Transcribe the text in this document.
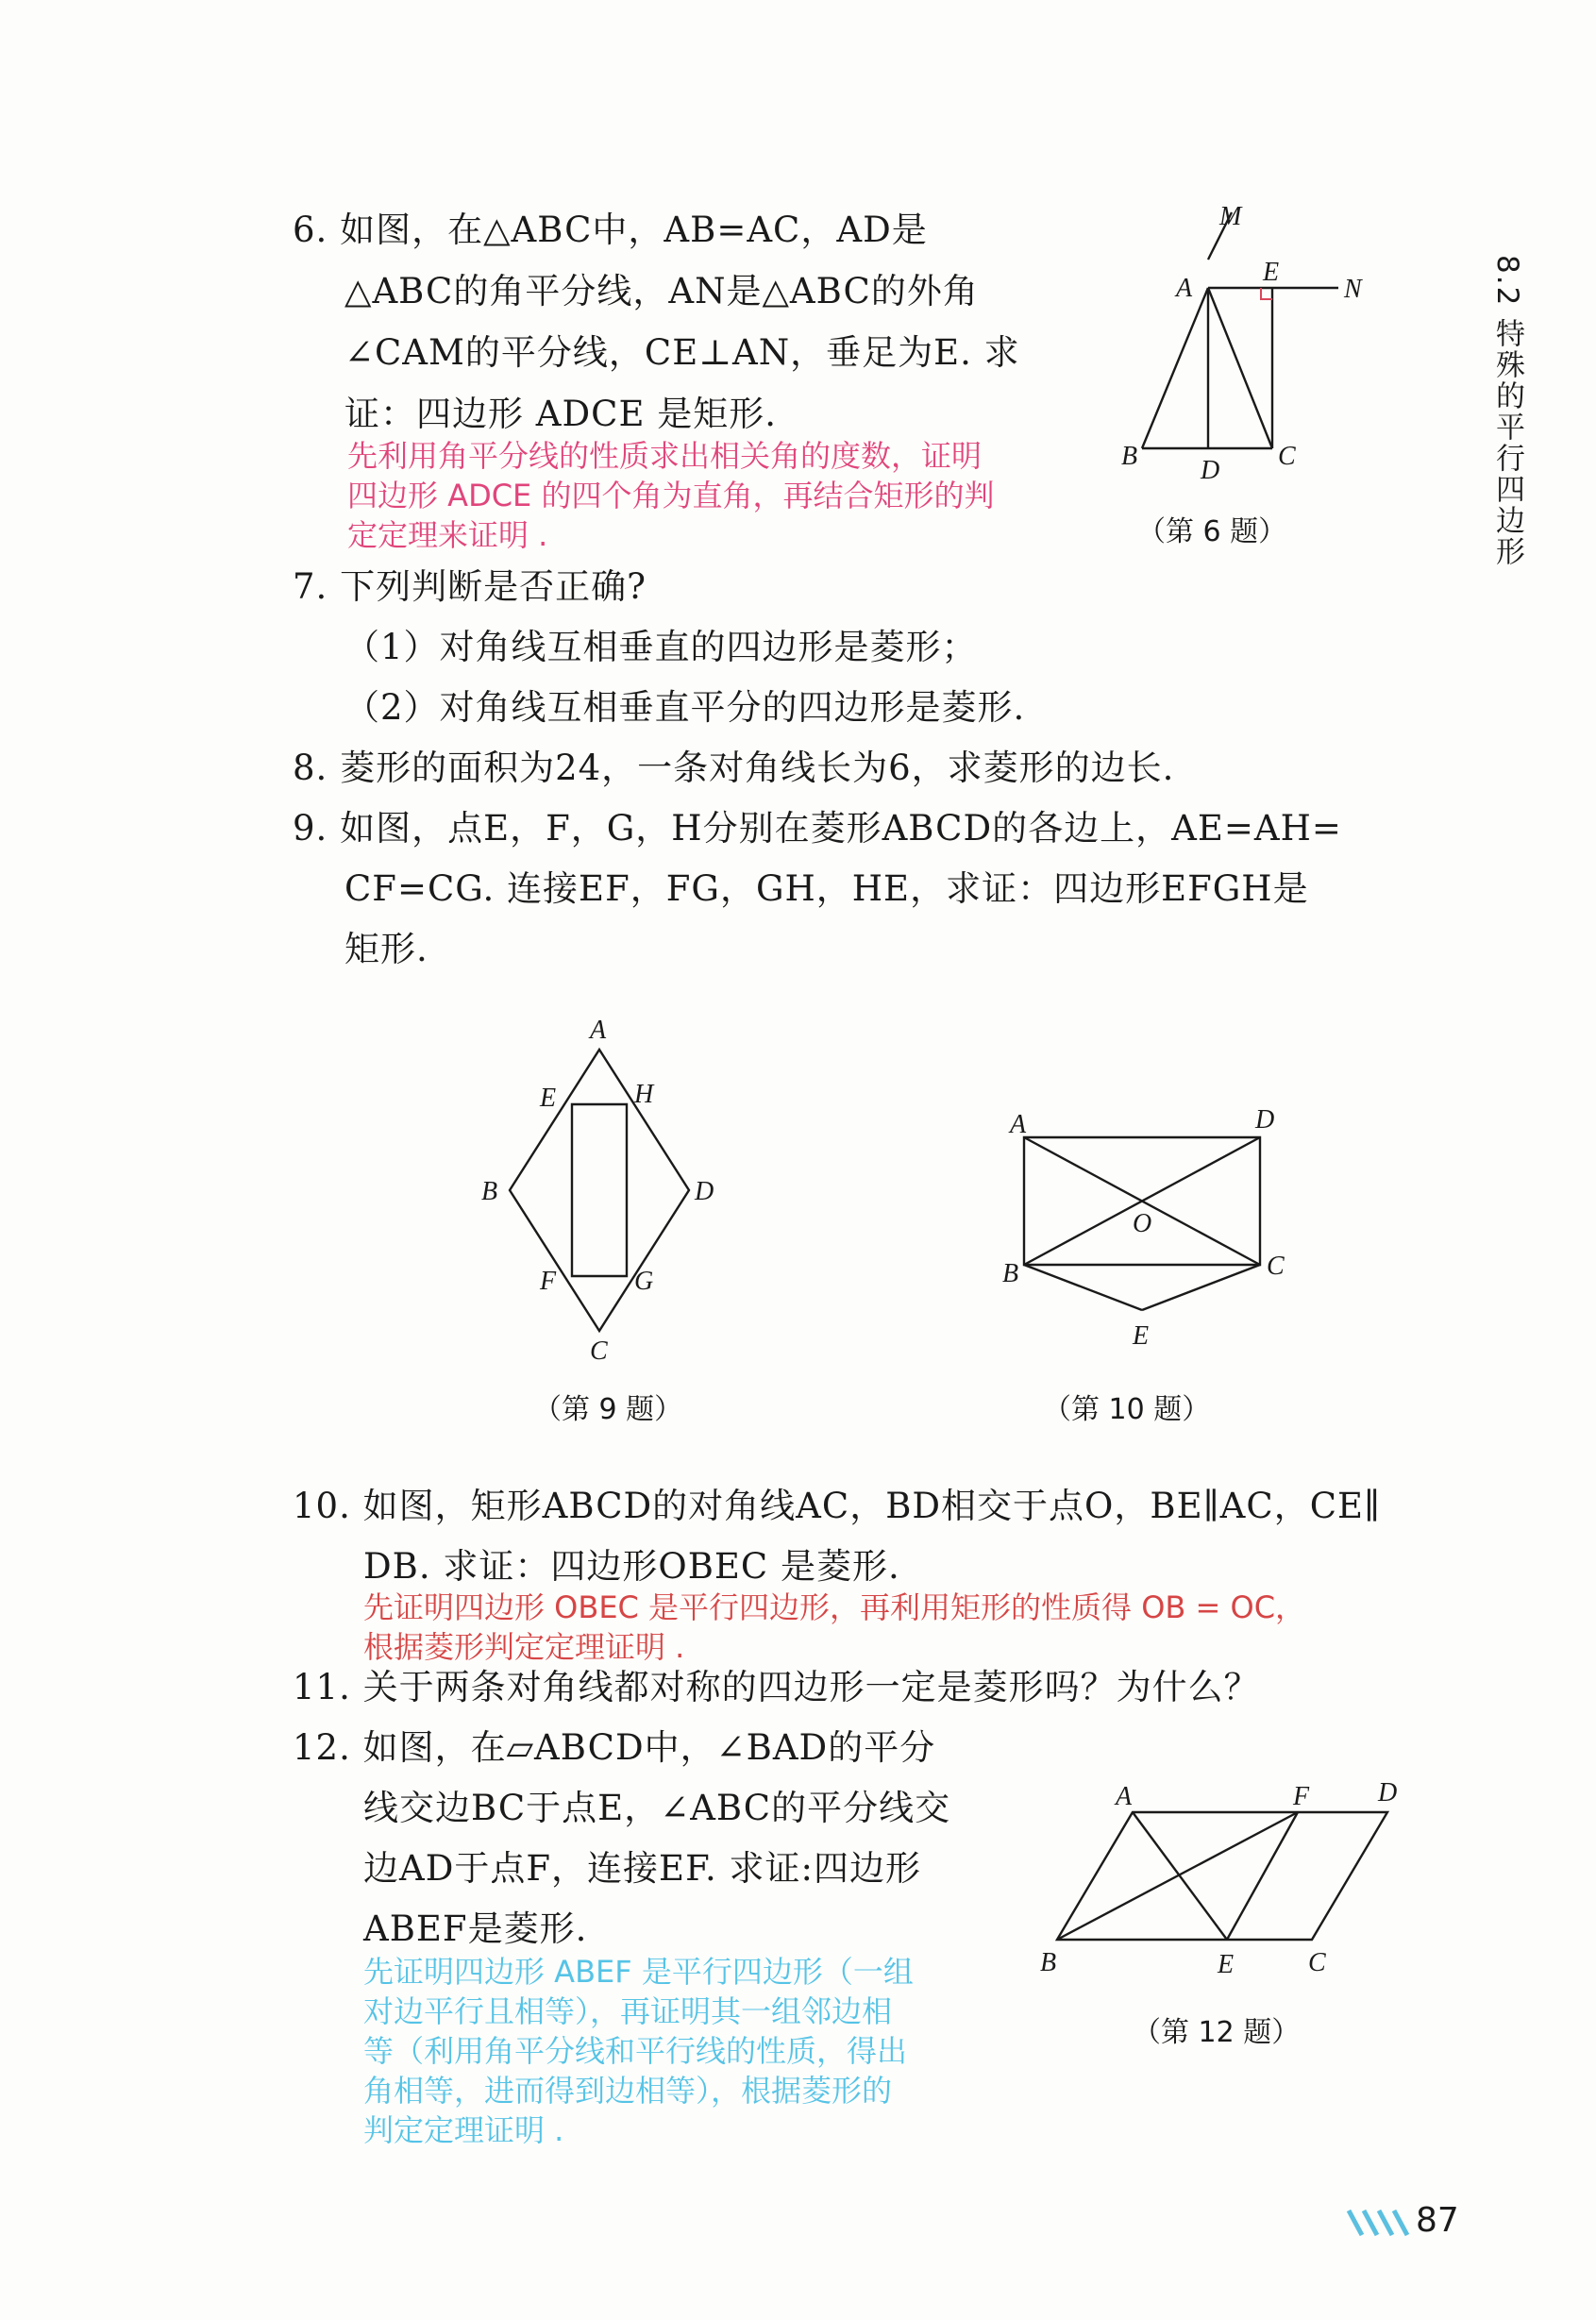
8.2 特殊的平行四边形
6. 如图，在△ABC中，AB=AC，AD是
△ABC的角平分线，AN是△ABC的外角
∠CAM的平分线，CE⊥AN，垂足为E. 求
证：四边形 ADCE 是矩形.
先利用角平分线的性质求出相关角的度数，证明
四边形 ADCE 的四个角为直角，再结合矩形的判
定定理来证明 .
M
A
E
N
B D C
（第 6 题）
7. 下列判断是否正确?
（1）对角线互相垂直的四边形是菱形；
（2）对角线互相垂直平分的四边形是菱形.
8. 菱形的面积为24，一条对角线长为6，求菱形的边长.
9. 如图，点E，F，G，H分别在菱形ABCD的各边上，AE=AH=
CF=CG. 连接EF，FG，GH，HE，求证：四边形EFGH是
矩形.
A
E	H
B	D
F	G
C
（第 9 题）
A	D
O
B	C
E
（第 10 题）
10. 如图，矩形ABCD的对角线AC，BD相交于点O，BE∥AC，CE∥
DB. 求证：四边形OBEC 是菱形.
先证明四边形 OBEC 是平行四边形，再利用矩形的性质得 OB = OC，
根据菱形判定定理证明 .
11. 关于两条对角线都对称的四边形一定是菱形吗？为什么？
12. 如图，在▱ABCD中，∠BAD的平分
线交边BC于点E，∠ABC的平分线交
边AD于点F，连接EF. 求证:四边形
ABEF是菱形.
先证明四边形 ABEF 是平行四边形（一组
对边平行且相等），再证明其一组邻边相
等（利用角平分线和平行线的性质，得出
角相等，进而得到边相等），根据菱形的
判定定理证明 .
A	F	D
B	E	C
（第 12 题）
87
